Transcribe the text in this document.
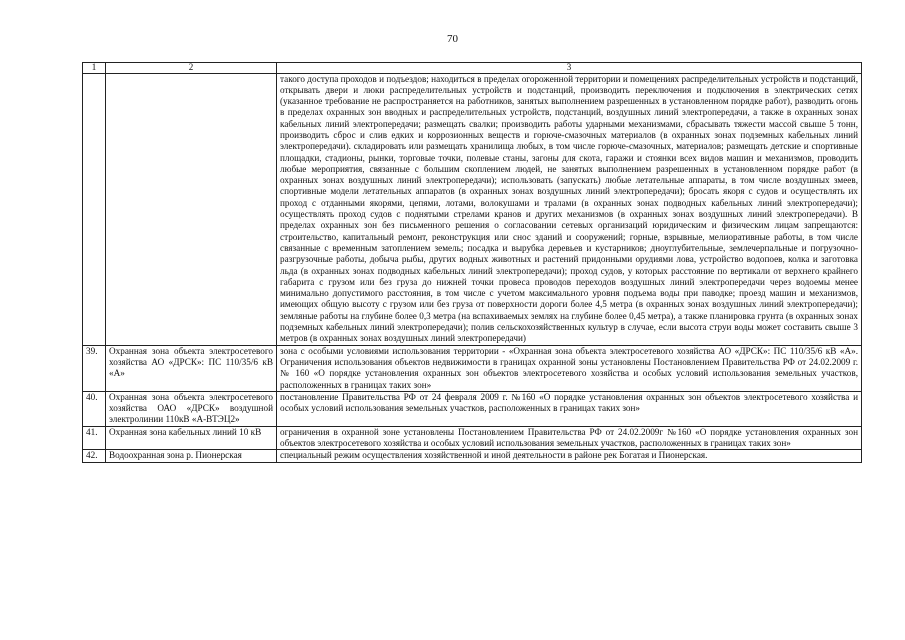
70
1	2	3
		такого доступа проходов и подъездов; находиться в пределах огороженной территории и помещениях распределительных устройств и подстанций, открывать двери и люки распределительных устройств и подстанций, производить переключения и подключения в электрических сетях (указанное требование не распространяется на работников, занятых выполнением разрешенных в установленном порядке работ), разводить огонь в пределах охранных зон вводных и распределительных устройств, подстанций, воздушных линий электропередачи, а также в охранных зонах кабельных линий электропередачи; размещать свалки; производить работы ударными механизмами, сбрасывать тяжести массой свыше 5 тонн, производить сброс и слив едких и коррозионных веществ и горюче-смазочных материалов (в охранных зонах подземных кабельных линий электропередачи). складировать или размещать хранилища любых, в том числе горюче-смазочных, материалов; размещать детские и спортивные площадки, стадионы, рынки, торговые точки, полевые станы, загоны для скота, гаражи и стоянки всех видов машин и механизмов, проводить любые мероприятия, связанные с большим скоплением людей, не занятых выполнением разрешенных в установленном порядке работ (в охранных зонах воздушных линий электропередачи); использовать (запускать) любые летательные аппараты, в том числе воздушных змеев, спортивные модели летательных аппаратов (в охранных зонах воздушных линий электропередачи); бросать якоря с судов и осуществлять их проход с отданными якорями, цепями, лотами, волокушами и тралами (в охранных зонах подводных кабельных линий электропередачи); осуществлять проход судов с поднятыми стрелами кранов и других механизмов (в охранных зонах воздушных линий электропередачи). В пределах охранных зон без письменного решения о согласовании сетевых организаций юридическим и физическим лицам запрещаются: строительство, капитальный ремонт, реконструкция или снос зданий и сооружений; горные, взрывные, мелиоративные работы, в том числе связанные с временным затоплением земель; посадка и вырубка деревьев и кустарников; дноуглубительные, землечерпальные и погрузочно-разгрузочные работы, добыча рыбы, других водных животных и растений придонными орудиями лова, устройство водопоев, колка и заготовка льда (в охранных зонах подводных кабельных линий электропередачи); проход судов, у которых расстояние по вертикали от верхнего крайнего габарита с грузом или без груза до нижней точки провеса проводов переходов воздушных линий электропередачи через водоемы менее минимально допустимого расстояния, в том числе с учетом максимального уровня подъема воды при паводке; проезд машин и механизмов, имеющих общую высоту с грузом или без груза от поверхности дороги более 4,5 метра (в охранных зонах воздушных линий электропередачи); земляные работы на глубине более 0,3 метра (на вспахиваемых землях на глубине более 0,45 метра), а также планировка грунта (в охранных зонах подземных кабельных линий электропередачи); полив сельскохозяйственных культур в случае, если высота струи воды может составить свыше 3 метров (в охранных зонах воздушных линий электропередачи)
39.	Охранная зона объекта электросетевого хозяйства АО «ДРСК»: ПС 110/35/6 кВ «А»	зона с особыми условиями использования территории - «Охранная зона объекта электросетевого хозяйства АО «ДРСК»: ПС 110/35/6 кВ «А». Ограничения использования объектов недвижимости в границах охранной зоны установлены Постановлением Правительства РФ от 24.02.2009 г. № 160 «О порядке установления охранных зон объектов электросетевого хозяйства и особых условий использования земельных участков, расположенных в границах таких зон»
40.	Охранная зона объекта электросетевого хозяйства ОАО «ДРСК» воздушной электролинии 110кВ «А-ВТЭЦ2»	постановление Правительства РФ от 24 февраля 2009 г. №160 «О порядке установления охранных зон объектов электросетевого хозяйства и особых условий использования земельных участков, расположенных в границах таких зон»
41.	Охранная зона кабельных линий 10 кВ	ограничения в охранной зоне установлены Постановлением Правительства РФ от 24.02.2009г №160 «О порядке установления охранных зон объектов электросетевого хозяйства и особых условий использования земельных участков, расположенных в границах таких зон»
42.	Водоохранная зона р. Пионерская	специальный режим осуществления хозяйственной и иной деятельности в районе рек Богатая и Пионерская.
